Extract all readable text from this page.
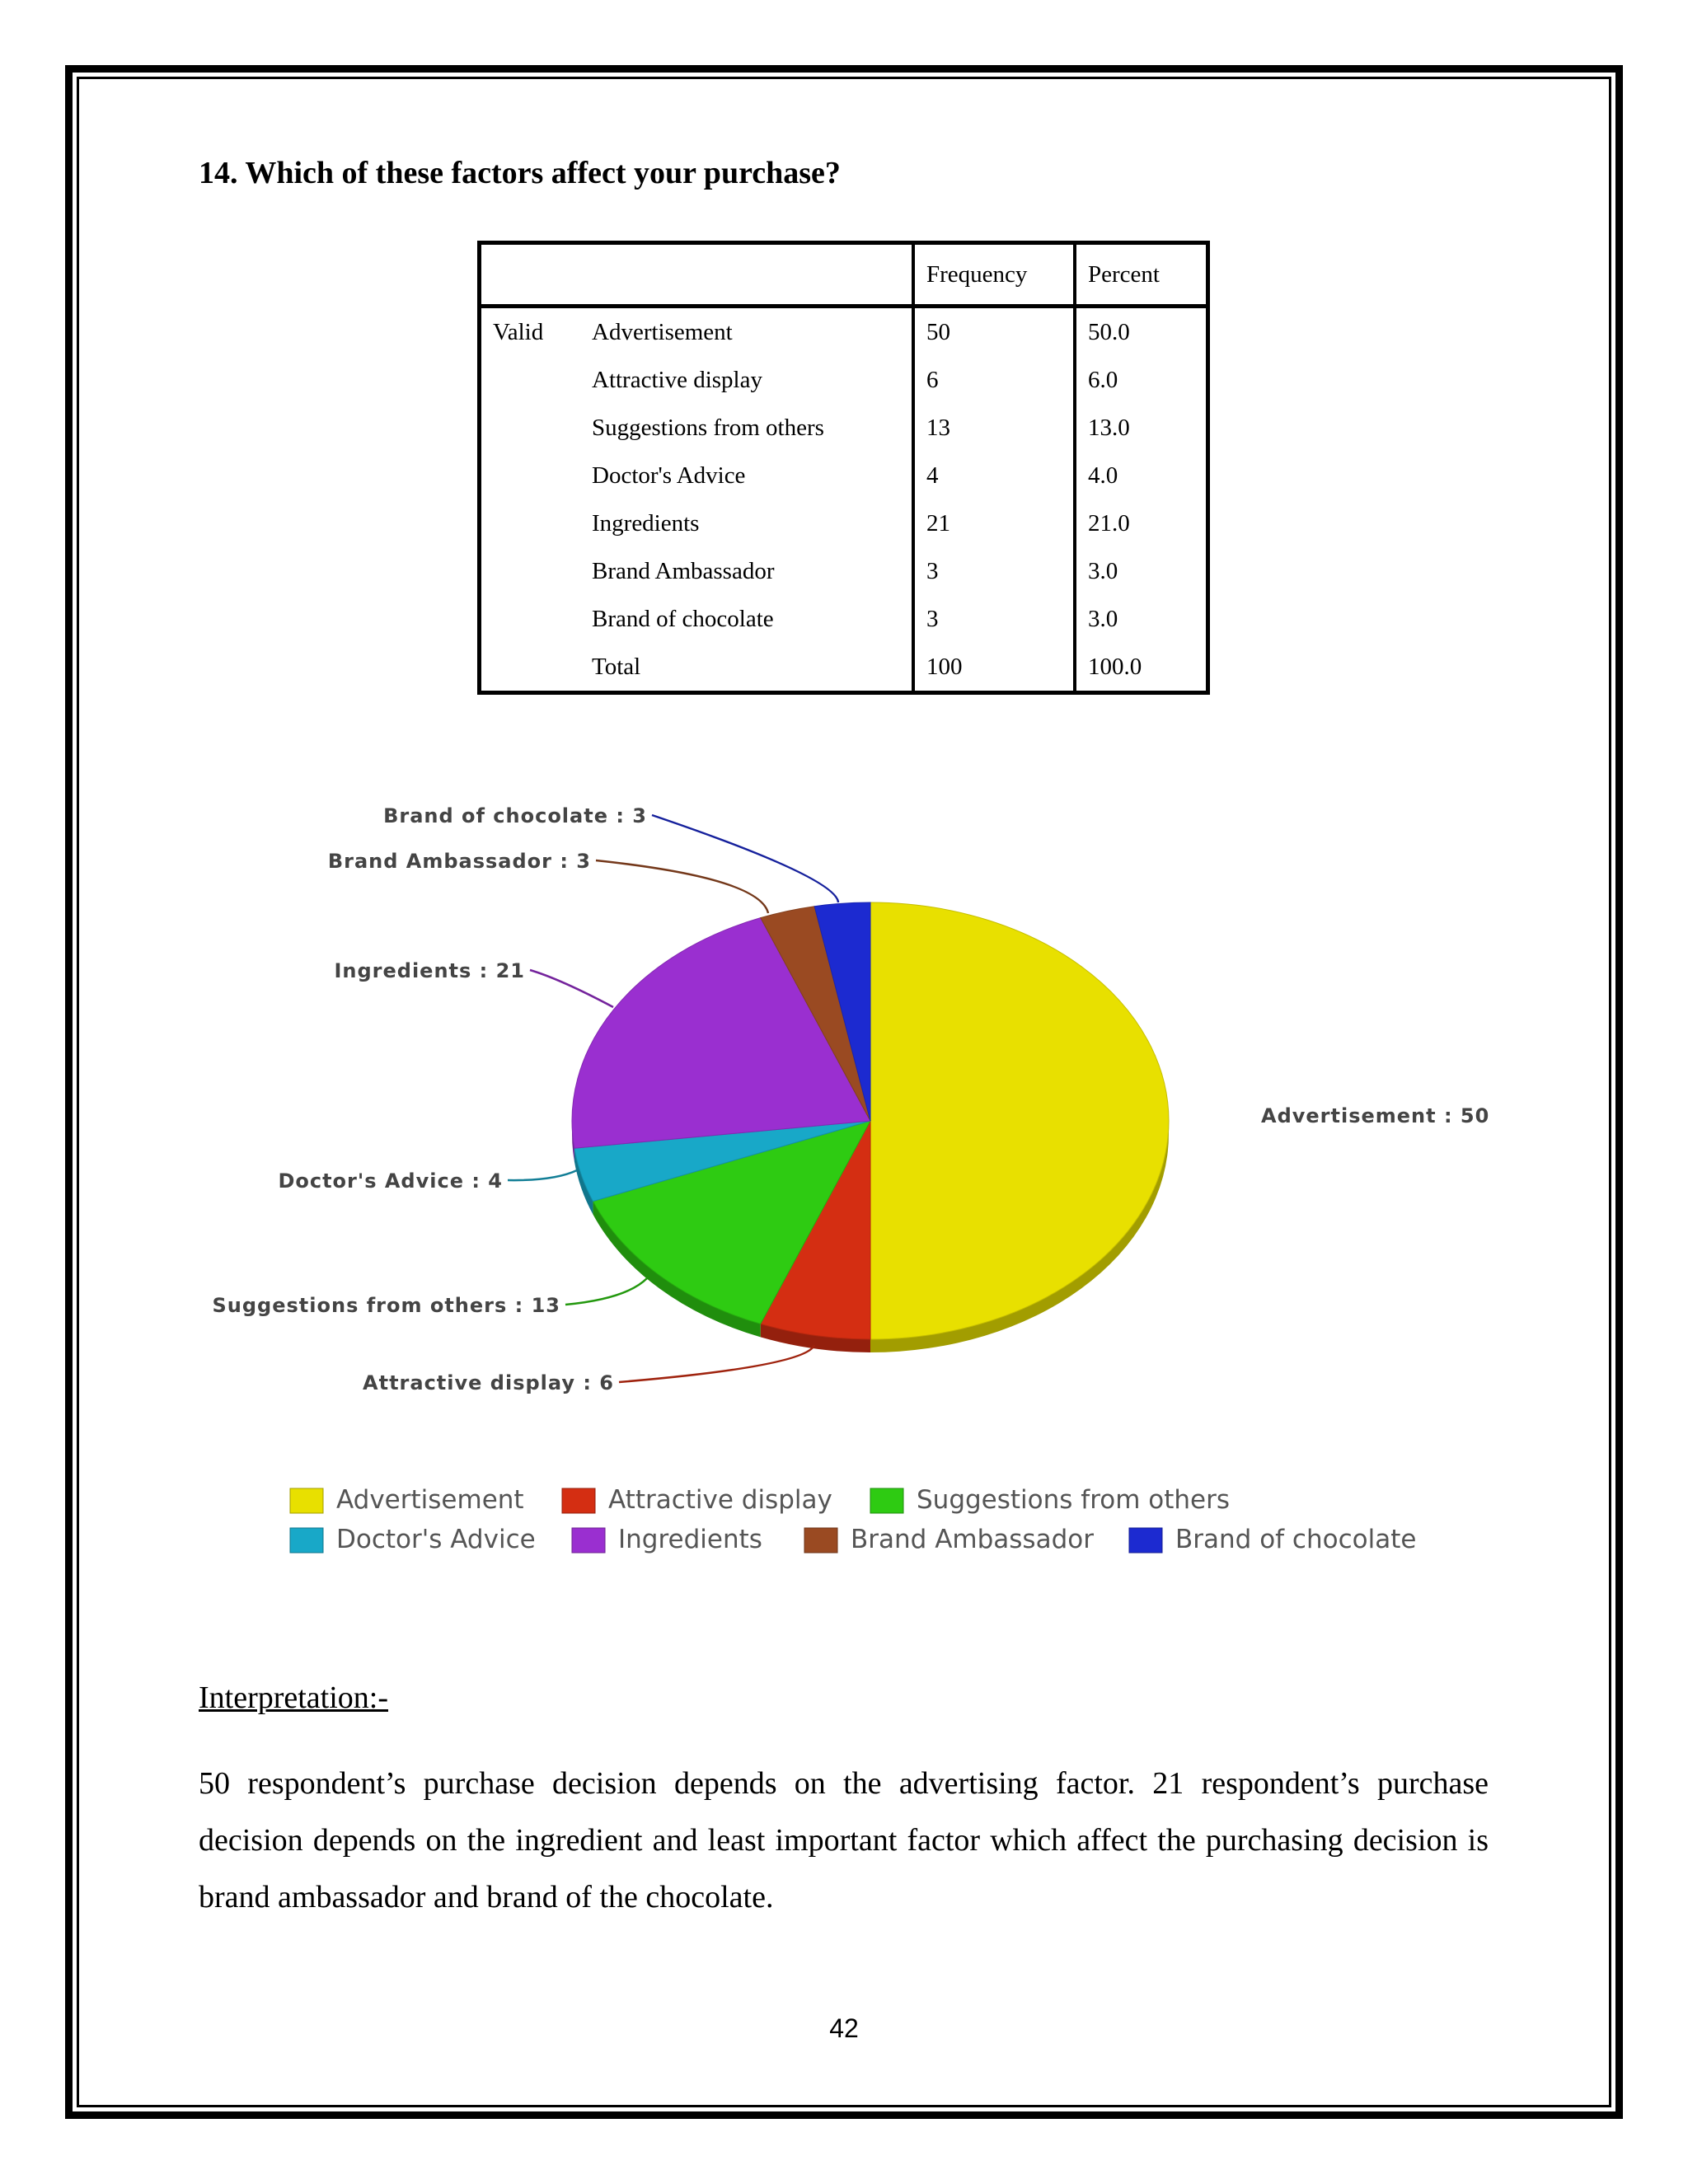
14. Which of these factors affect your purchase?
		Frequency	Percent
Valid	Advertisement	50	50.0
	Attractive display	6	6.0
	Suggestions from others	13	13.0
	Doctor's Advice	4	4.0
	Ingredients	21	21.0
	Brand Ambassador	3	3.0
	Brand of chocolate	3	3.0
	Total	100	100.0
Advertisement : 50
Attractive display : 6
Suggestions from others : 13
Doctor's Advice : 4
Ingredients : 21
Brand Ambassador : 3
Brand of chocolate : 3
Advertisement	Attractive display	Suggestions from others
Doctor's Advice	Ingredients	Brand Ambassador	Brand of chocolate
Interpretation:-
50 respondent’s purchase decision depends on the advertising factor. 21 respondent’s purchase decision depends on the ingredient and least important factor which affect the purchasing decision is brand ambassador and brand of the chocolate.
42
